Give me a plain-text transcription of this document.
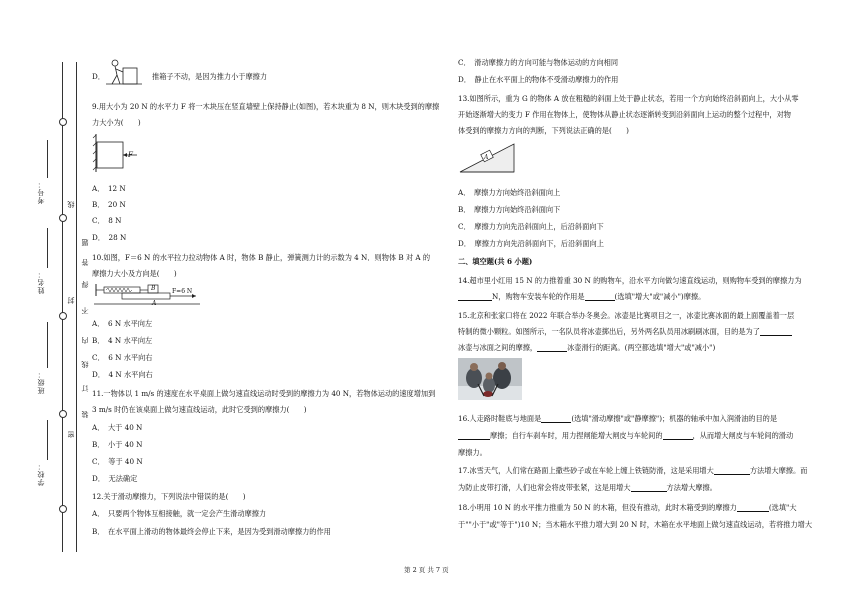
学校：
班级：
姓名：
考号：
密
封
线
内
不
得
答
题
装
订
线
D．	推箱子不动，是因为推力小于摩擦力
9.用大小为 20 N 的水平力 F 将一木块压在竖直墙壁上保持静止(如图)，若木块重为 8 N，则木块受到的摩擦
力大小为(　　)
F
A．　12 N
B．　20 N
C．　8 N
D．　28 N
10.如图，F＝6 N 的水平拉力拉动物体 A 时，物体 B 静止，弹簧测力计的示数为 4 N．则物体 B 对 A 的
摩擦力大小及方向是(　　)
B
A
F=6 N
A．　6 N 水平向左
B．　4 N 水平向左
C．　6 N 水平向右
D．　4 N 水平向右
11.一物体以 1 m/s 的速度在水平桌面上做匀速直线运动时受到的摩擦力为 40 N，若物体运动的速度增加到
3 m/s 时仍在该桌面上做匀速直线运动，此时它受到的摩擦力(　　)
A．　大于 40 N
B．　小于 40 N
C．　等于 40 N
D．　无法确定
12.关于滑动摩擦力，下列说法中错误的是(　　)
A．　只要两个物体互相接触，就一定会产生滑动摩擦力
B．　在水平面上滑动的物体最终会停止下来，是因为受到滑动摩擦力的作用
C．　滑动摩擦力的方向可能与物体运动的方向相同
D．　静止在水平面上的物体不受滑动摩擦力的作用
13.如图所示，重为 G 的物体 A 放在粗糙的斜面上处于静止状态，若用一个方向始终沿斜面向上，大小从零
开始逐渐增大的变力 F 作用在物体上，使物体从静止状态逐渐转变到沿斜面向上运动的整个过程中，对物
体受到的摩擦力方向的判断，下列说法正确的是(　　)
A
A．　摩擦力方向始终沿斜面向上
B．　摩擦力方向始终沿斜面向下
C．　摩擦力方向先沿斜面向上，后沿斜面向下
D．　摩擦力方向先沿斜面向下，后沿斜面向上
二、填空题(共 6 小题)
14.超市里小红用 15 N 的力推着重 30 N 的购物车，沿水平方向做匀速直线运动，则购物车受到的摩擦力为
N，购物车安装车轮的作用是	(选填"增大"或"减小")摩擦。
15.北京和张家口将在 2022 年联合举办冬奥会。冰壶是比赛项目之一，冰壶比赛冰面的最上面覆盖着一层
特制的微小颗粒。如图所示，一名队员将冰壶掷出后，另外两名队员用冰刷刷冰面，目的是为了
冰壶与冰面之间的摩擦，	冰壶滑行的距离。(两空都选填"增大"或"减小")
16.人走路时鞋底与地面是	(选填"滑动摩擦"或"静摩擦")；机器的轴承中加入润滑油的目的是
摩擦；自行车刹车时，用力捏闸能增大闸皮与车轮间的	，从而增大闸皮与车轮间的滑动
摩擦力。
17.冰雪天气，人们常在路面上撒些砂子或在车轮上缠上铁链防滑，这是采用增大	方法增大摩擦。而
为防止皮带打滑，人们也常会将皮带张紧，这是用增大	方法增大摩擦。
18.小明用 10 N 的水平推力推重为 50 N 的木箱，但没有推动，此时木箱受到的摩擦力	(选填"大
于""小于"或"等于")10 N；当木箱水平推力增大到 20 N 时，木箱在水平地面上做匀速直线运动，若将推力增大
第 2 页 共 7 页
